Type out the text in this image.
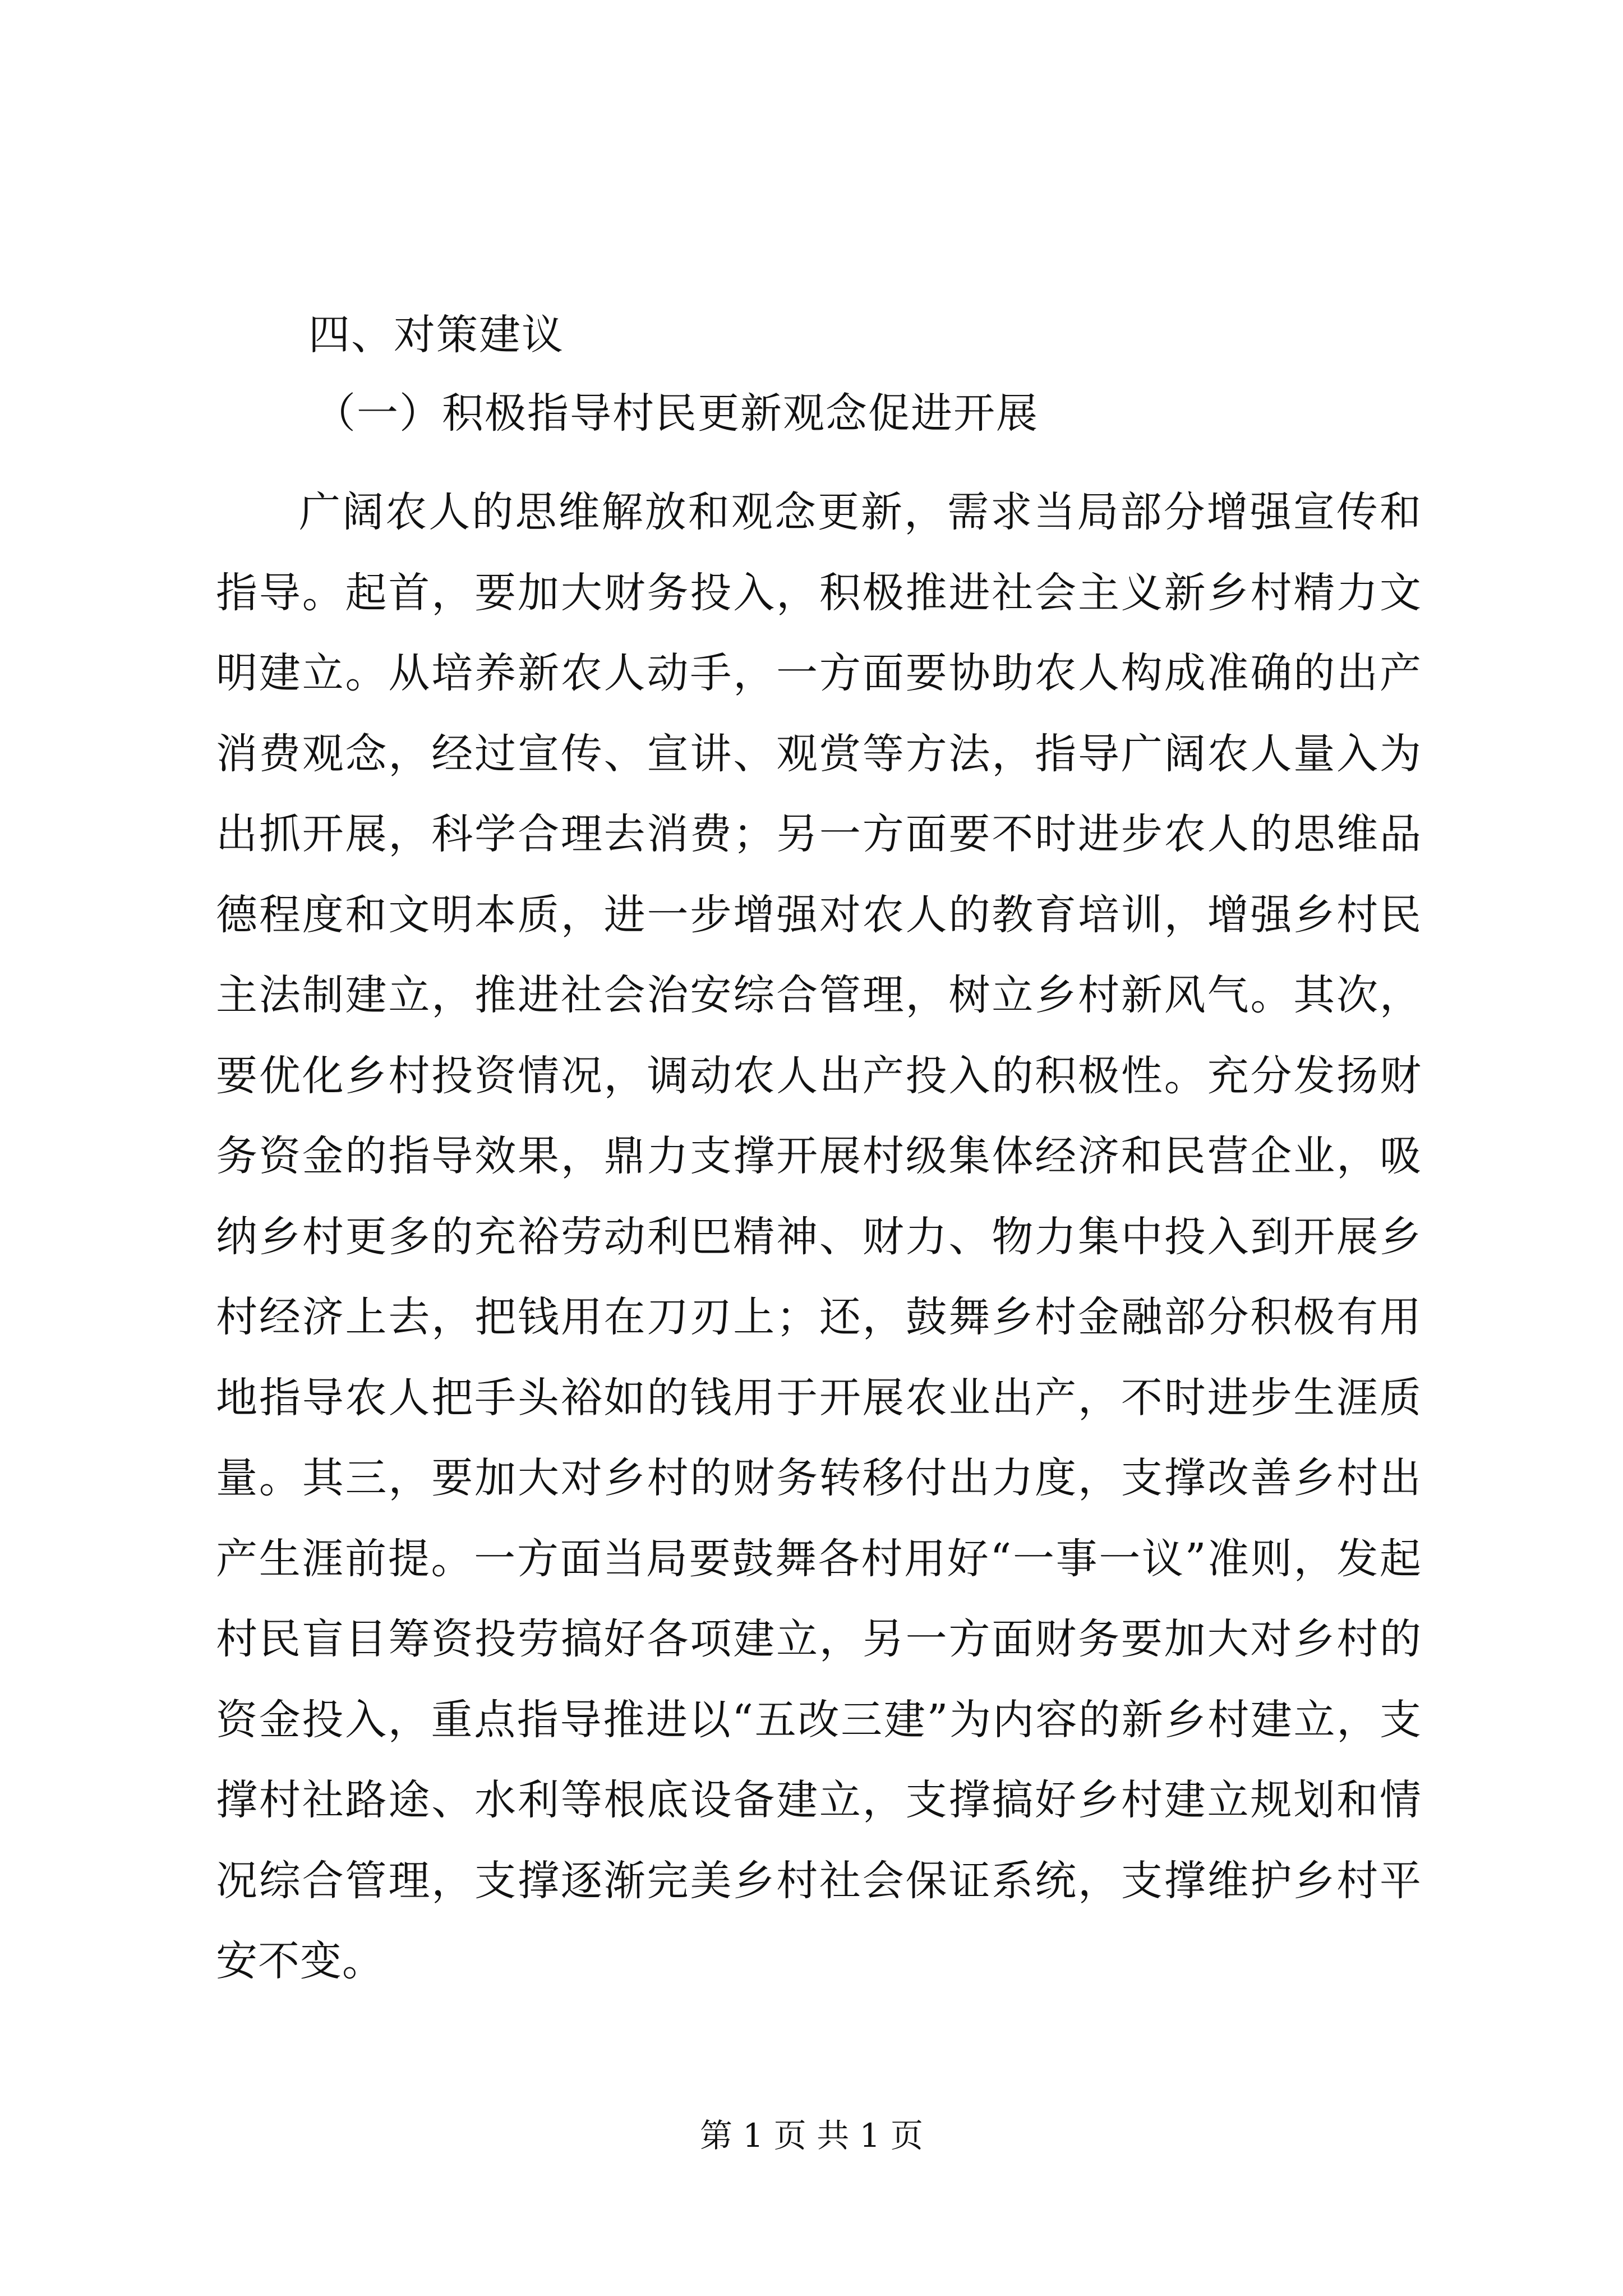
四、对策建议
（一）积极指导村民更新观念促进开展

广阔农人的思维解放和观念更新，需求当局部分增强宣传和指导。起首，要加大财务投入，积极推进社会主义新乡村精力文明建立。从培养新农人动手，一方面要协助农人构成准确的出产消费观念，经过宣传、宣讲、观赏等方法，指导广阔农人量入为出抓开展，科学合理去消费；另一方面要不时进步农人的思维品德程度和文明本质，进一步增强对农人的教育培训，增强乡村民主法制建立，推进社会治安综合管理，树立乡村新风气。其次，要优化乡村投资情况，调动农人出产投入的积极性。充分发扬财务资金的指导效果，鼎力支撑开展村级集体经济和民营企业，吸纳乡村更多的充裕劳动利巴精神、财力、物力集中投入到开展乡村经济上去，把钱用在刀刃上；还，鼓舞乡村金融部分积极有用地指导农人把手头裕如的钱用于开展农业出产，不时进步生涯质量。其三，要加大对乡村的财务转移付出力度，支撑改善乡村出产生涯前提。一方面当局要鼓舞各村用好“一事一议”准则，发起村民盲目筹资投劳搞好各项建立，另一方面财务要加大对乡村的资金投入，重点指导推进以“五改三建”为内容的新乡村建立，支撑村社路途、水利等根底设备建立，支撑搞好乡村建立规划和情况综合管理，支撑逐渐完美乡村社会保证系统，支撑维护乡村平安不变。

第 1 页 共 1 页
